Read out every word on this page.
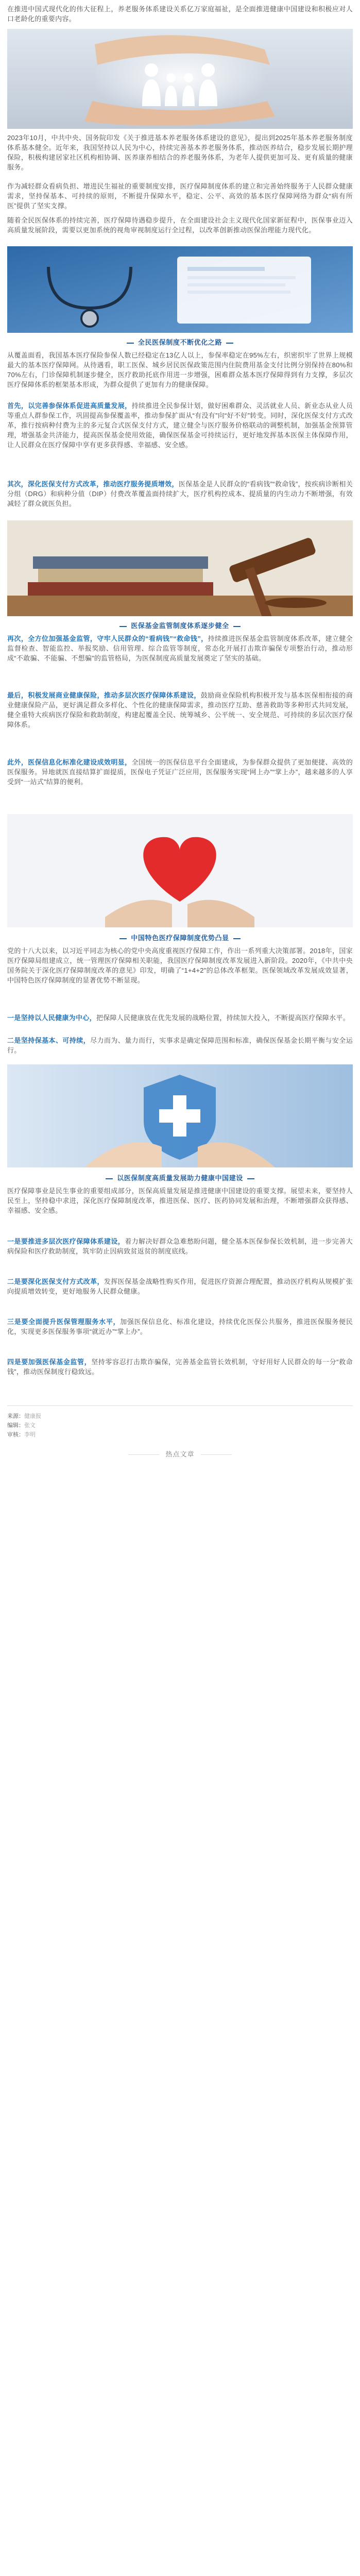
在推进中国式现代化的伟大征程上，养老服务体系建设关系亿万家庭福祉，是全面推进健康中国建设和积极应对人口老龄化的重要内容。
2023年10月，中共中央、国务院印发《关于推进基本养老服务体系建设的意见》，提出到2025年基本养老服务制度体系基本健全。近年来，我国坚持以人民为中心，持续完善基本养老服务体系，推动医养结合，稳步发展长期护理保险，积极构建居家社区机构相协调、医养康养相结合的养老服务体系，为老年人提供更加可及、更有质量的健康服务。
作为减轻群众看病负担、增进民生福祉的重要制度安排，医疗保障制度体系的建立和完善始终服务于人民群众健康需求，坚持保基本、可持续的原则，不断提升保障水平，稳定、公平、高效的基本医疗保障网络为群众“病有所医”提供了坚实支撑。
随着全民医保体系的持续完善，医疗保障待遇稳步提升，在全面建设社会主义现代化国家新征程中，医保事业迈入高质量发展阶段，需要以更加系统的视角审视制度运行全过程，以改革创新推动医保治理能力现代化。
全民医保制度不断优化之路
从覆盖面看，我国基本医疗保险参保人数已经稳定在13亿人以上，参保率稳定在95%左右，织密织牢了世界上规模最大的基本医疗保障网。从待遇看，职工医保、城乡居民医保政策范围内住院费用基金支付比例分别保持在80%和70%左右，门诊保障机制逐步健全，医疗救助托底作用进一步增强，困难群众基本医疗保障得到有力支撑，多层次医疗保障体系的框架基本形成，为群众提供了更加有力的健康保障。
首先，以完善参保体系促进高质量发展，持续推进全民参保计划，做好困难群众、灵活就业人员、新业态从业人员等重点人群参保工作，巩固提高参保覆盖率，推动参保扩面从“有没有”向“好不好”转变。同时，深化医保支付方式改革，推行按病种付费为主的多元复合式医保支付方式，建立健全与医疗服务价格联动的调整机制，加强基金预算管理，增强基金共济能力，提高医保基金使用效能，确保医保基金可持续运行，更好地发挥基本医保主体保障作用，让人民群众在医疗保障中享有更多获得感、幸福感、安全感。
其次，深化医保支付方式改革，推动医疗服务提质增效，医保基金是人民群众的“看病钱”“救命钱”，按疾病诊断相关分组（DRG）和病种分值（DIP）付费改革覆盖面持续扩大，医疗机构控成本、提质量的内生动力不断增强，有效减轻了群众就医负担。
医保基金监管制度体系逐步健全
再次，全方位加强基金监管，守牢人民群众的“看病钱”“救命钱”，持续推进医保基金监管制度体系改革，建立健全监督检查、智能监控、举报奖励、信用管理、综合监管等制度，常态化开展打击欺诈骗保专项整治行动，推动形成“不敢骗、不能骗、不想骗”的监管格局，为医保制度高质量发展奠定了坚实的基础。
最后，积极发展商业健康保险，推动多层次医疗保障体系建设，鼓励商业保险机构积极开发与基本医保相衔接的商业健康保险产品，更好满足群众多样化、个性化的健康保障需求，推动医疗互助、慈善救助等多种形式共同发展，健全重特大疾病医疗保险和救助制度，构建起覆盖全民、统筹城乡、公平统一、安全规范、可持续的多层次医疗保障体系。
此外，医保信息化标准化建设成效明显，全国统一的医保信息平台全面建成，为参保群众提供了更加便捷、高效的医保服务。异地就医直接结算扩面提质，医保电子凭证广泛应用，医保服务实现“网上办”“掌上办”，越来越多的人享受到“一站式”结算的便利。
中国特色医疗保障制度优势凸显
党的十八大以来，以习近平同志为核心的党中央高度重视医疗保障工作，作出一系列重大决策部署。2018年，国家医疗保障局组建成立，统一管理医疗保障相关职能，我国医疗保障制度改革发展进入新阶段。2020年，《中共中央国务院关于深化医疗保障制度改革的意见》印发，明确了“1+4+2”的总体改革框架。医保领域改革发展成效显著，中国特色医疗保障制度的显著优势不断显现。
一是坚持以人民健康为中心，把保障人民健康放在优先发展的战略位置，持续加大投入，不断提高医疗保障水平。
二是坚持保基本、可持续，尽力而为、量力而行，实事求是确定保障范围和标准，确保医保基金长期平衡与安全运行。
以医保制度高质量发展助力健康中国建设
医疗保障事业是民生事业的重要组成部分，医保高质量发展是推进健康中国建设的重要支撑。展望未来，要坚持人民至上，坚持稳中求进，深化医疗保障制度改革，推进医保、医疗、医药协同发展和治理，不断增强群众获得感、幸福感、安全感。
一是要推进多层次医疗保障体系建设，着力解决好群众急难愁盼问题，健全基本医保参保长效机制，进一步完善大病保险和医疗救助制度，筑牢防止因病致贫返贫的制度底线。
二是要深化医保支付方式改革，发挥医保基金战略性购买作用，促进医疗资源合理配置，推动医疗机构从规模扩张向提质增效转变，更好地服务人民群众健康。
三是要全面提升医保管理服务水平，加强医保信息化、标准化建设，持续优化医保公共服务，推进医保服务便民化，实现更多医保服务事项“就近办”“掌上办”。
四是要加强医保基金监管，坚持零容忍打击欺诈骗保，完善基金监管长效机制，守好用好人民群众的每一分“救命钱”，推动医保制度行稳致远。
来源：健康报
编辑：张文
审核：李明
热点文章
